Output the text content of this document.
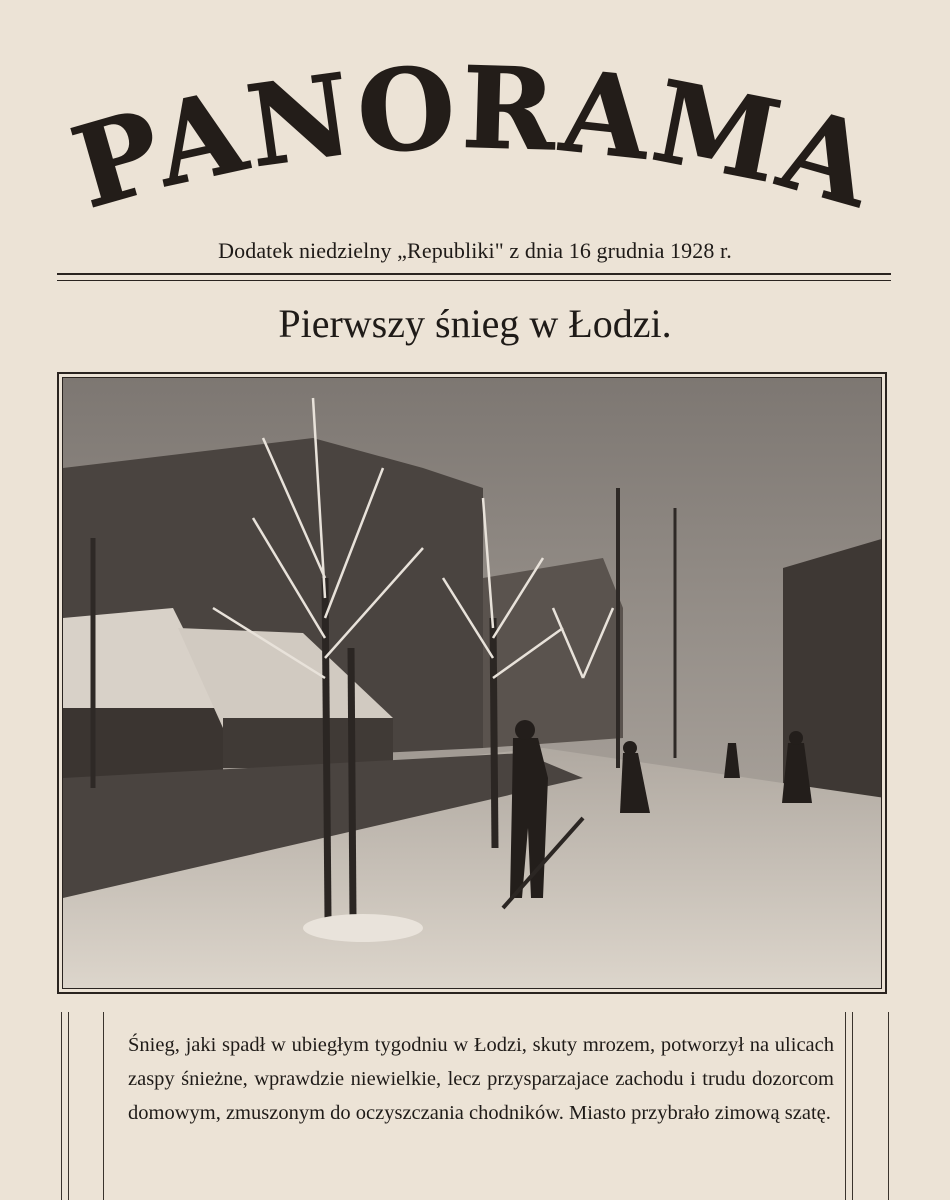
PANORAMA
Dodatek niedzielny „Republiki" z dnia 16 grudnia 1928 r.
Pierwszy śnieg w Łodzi.
Śnieg, jaki spadł w ubiegłym tygodniu w Łodzi, skuty mrozem, potworzył na ulicach zaspy śnieżne, wprawdzie niewielkie, lecz przysparzajace zachodu i trudu dozorcom domowym, zmuszonym do oczyszczania chodników. Miasto przybrało zimową szatę.
